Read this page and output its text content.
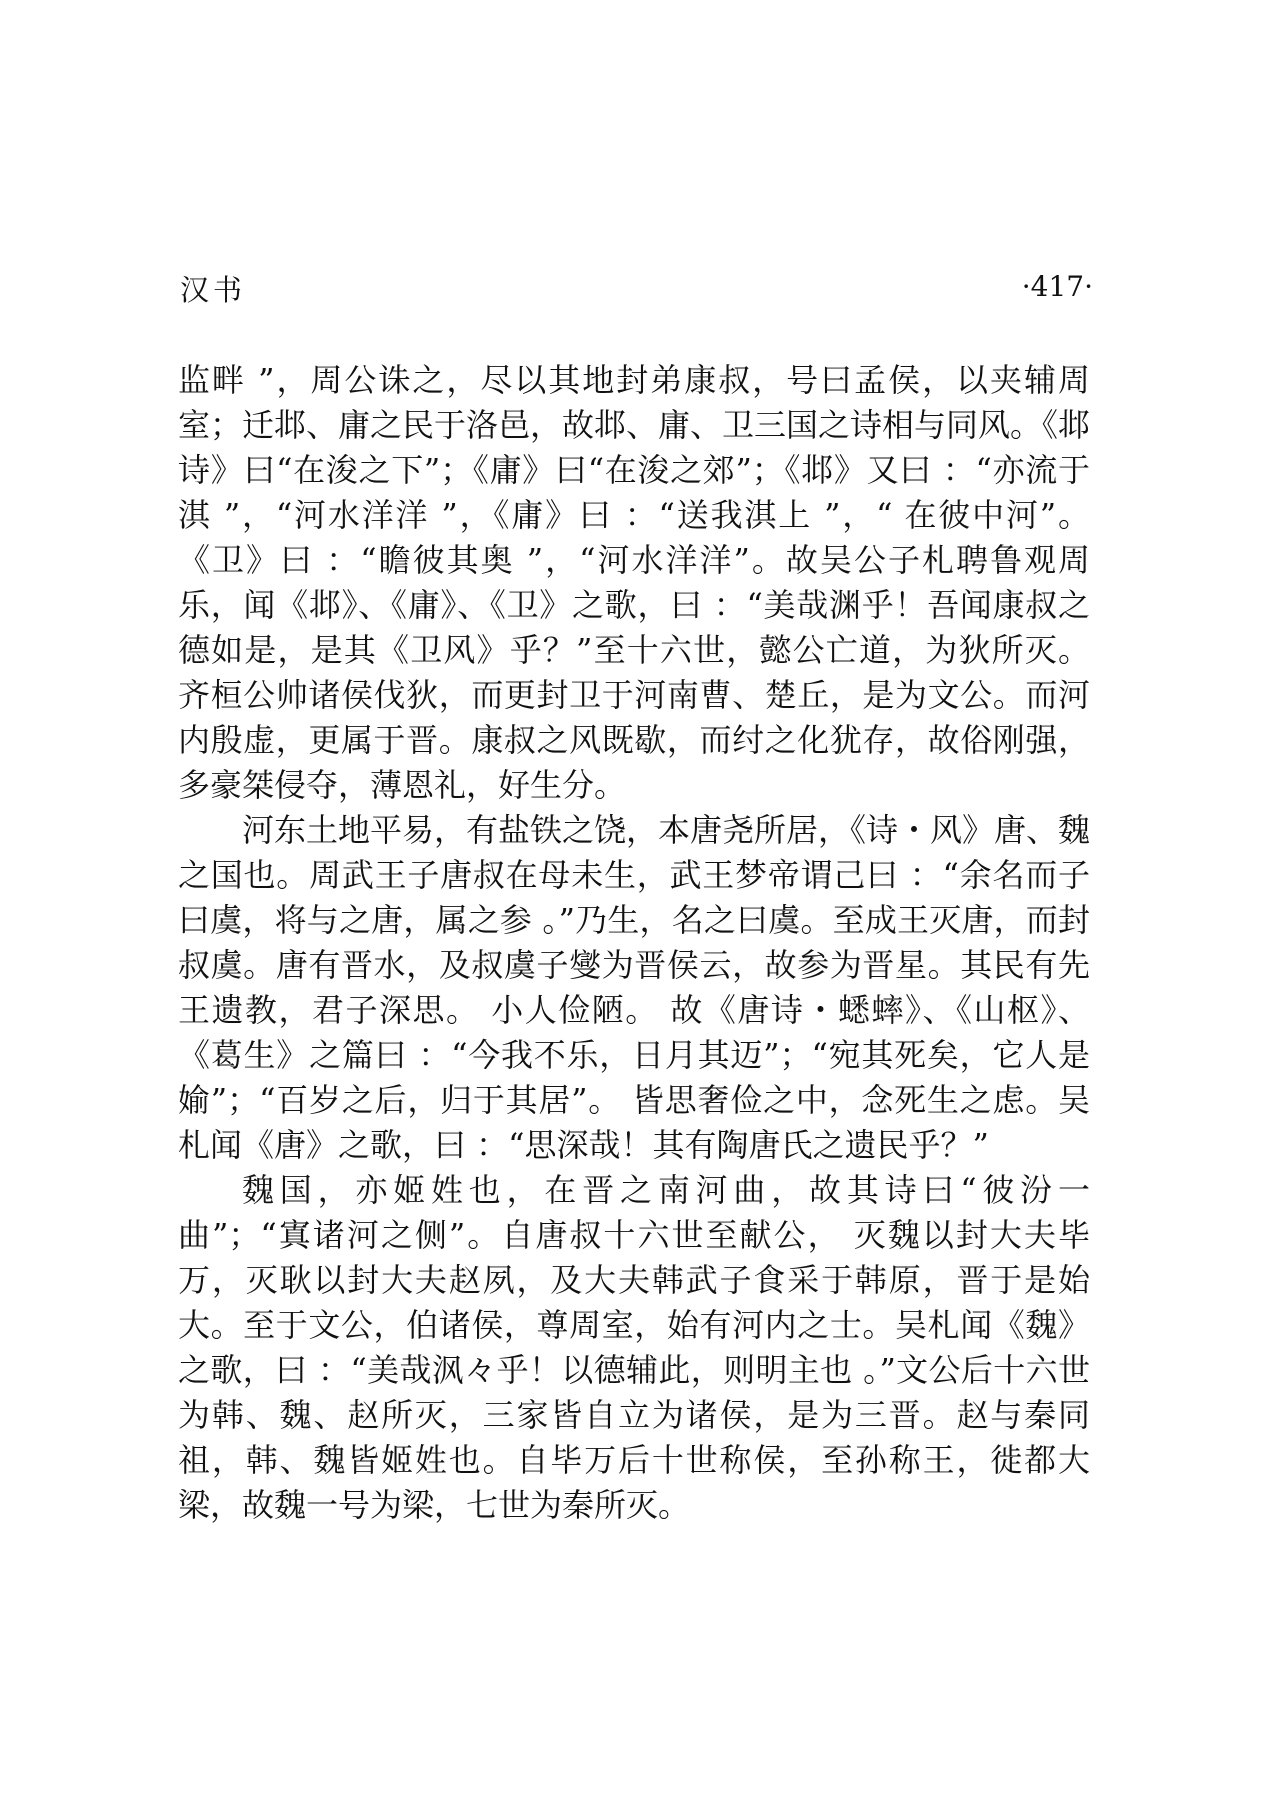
汉书	·417·

监畔 ”，周公诛之，尽以其地封弟康叔，号曰孟侯，以夹辅周室；迁邶、庸之民于洛邑，故邶、庸、卫三国之诗相与同风。《邶诗》曰“在浚之下”；《庸》曰“在浚之郊”；《邶》又曰 ：“亦流于淇 ”，“河水洋洋 ”，《庸》曰 ：“送我淇上 ”，“ 在彼中河”。《卫》曰 ：“瞻彼其奥 ”，“河水洋洋”。故吴公子札聘鲁观周乐，闻《邶》、《庸》、《卫》之歌，曰 ：“美哉渊乎！吾闻康叔之德如是，是其《卫风》乎？”至十六世，懿公亡道，为狄所灭。齐桓公帅诸侯伐狄，而更封卫于河南曹、楚丘，是为文公。而河内殷虚，更属于晋。康叔之风既歇，而纣之化犹存，故俗刚强，多豪桀侵夺，薄恩礼，好生分。

河东土地平易，有盐铁之饶，本唐尧所居，《诗・风》唐、魏之国也。周武王子唐叔在母未生，武王梦帝谓己曰 ：“余名而子曰虞，将与之唐，属之参 。”乃生，名之曰虞。至成王灭唐，而封叔虞。唐有晋水，及叔虞子燮为晋侯云，故参为晋星。其民有先王遗教，君子深思。 小人俭陋。 故《唐诗・蟋蟀》、《山枢》、《葛生》之篇曰 ：“今我不乐，日月其迈”；“宛其死矣，它人是媮”；“百岁之后，归于其居”。 皆思奢俭之中，念死生之虑。吴札闻《唐》之歌，曰 ：“思深哉！其有陶唐氏之遗民乎？”

魏国，亦姬姓也，在晋之南河曲，故其诗曰“彼汾一曲”；“寘诸河之侧”。自唐叔十六世至献公， 灭魏以封大夫毕万，灭耿以封大夫赵夙，及大夫韩武子食采于韩原，晋于是始大。至于文公，伯诸侯，尊周室，始有河内之士。吴札闻《魏》之歌，曰 ：“美哉沨々乎！以德辅此，则明主也 。”文公后十六世为韩、魏、赵所灭，三家皆自立为诸侯，是为三晋。赵与秦同祖，韩、魏皆姬姓也。自毕万后十世称侯，至孙称王，徙都大梁，故魏一号为梁，七世为秦所灭。
